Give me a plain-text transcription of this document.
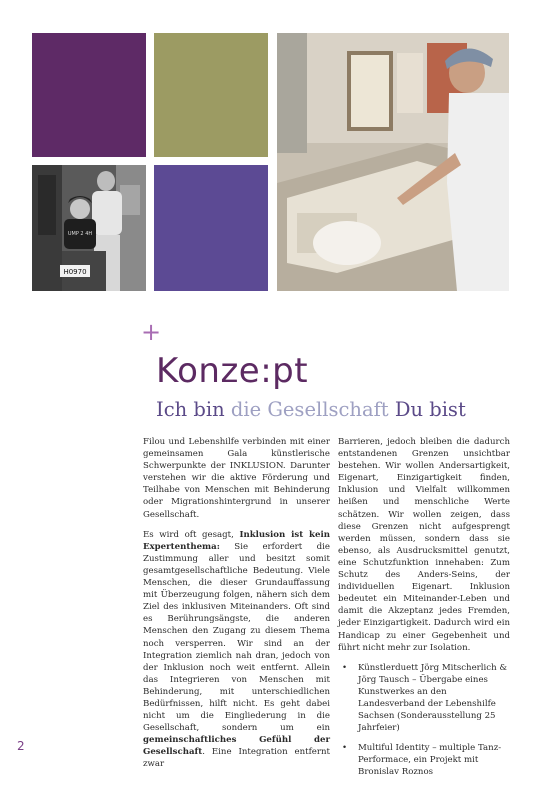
H0970
UMP 2 4H
+
Konze:pt
Ich bin die Gesellschaft Du bist

Filou und Lebenshilfe verbinden mit einer gemeinsamen Gala künstlerische Schwerpunkte der INKLUSION. Darunter verstehen wir die aktive Förderung und Teilhabe von Menschen mit Behinderung oder Migrationshintergrund in unserer Gesellschaft.

Es wird oft gesagt, Inklusion ist kein Expertenthema: Sie erfordert die Zustimmung aller und besitzt somit gesamtgesellschaftliche Bedeutung. Viele Menschen, die dieser Grundauffassung mit Überzeugung folgen, nähern sich dem Ziel des inklusiven Miteinanders. Oft sind es Berührungsängste, die anderen Menschen den Zugang zu diesem Thema noch versperren. Wir sind an der Integration ziemlich nah dran, jedoch von der Inklusion noch weit entfernt. Allein das Integrieren von Menschen mit Behinderung, mit unterschiedlichen Bedürfnissen, hilft nicht. Es geht dabei nicht um die Eingliederung in die Gesellschaft, sondern um ein gemeinschaftliches Gefühl der Gesellschaft. Eine Integration entfernt zwar

Barrieren, jedoch bleiben die dadurch entstandenen Grenzen unsichtbar bestehen. Wir wollen Andersartigkeit, Eigenart, Einzigartigkeit finden, Inklusion und Vielfalt willkommen heißen und menschliche Werte schätzen. Wir wollen zeigen, dass diese Grenzen nicht aufgesprengt werden müssen, sondern dass sie ebenso, als Ausdrucksmittel genutzt, eine Schutzfunktion innehaben: Zum Schutz des Anders-Seins, der individuellen Eigenart. Inklusion bedeutet ein Miteinander-Leben und damit die Akzeptanz jedes Fremden, jeder Einzigartigkeit. Dadurch wird ein Handicap zu einer Gegebenheit und führt nicht mehr zur Isolation.

• Künstlerduett Jörg Mitscherlich & Jörg Tausch – Übergabe eines Kunstwerkes an den Landesverband der Lebenshilfe Sachsen (Sonderausstellung 25 Jahrfeier)
• Multiful Identity – multiple Tanz-Performace, ein Projekt mit Bronislav Roznos
2
